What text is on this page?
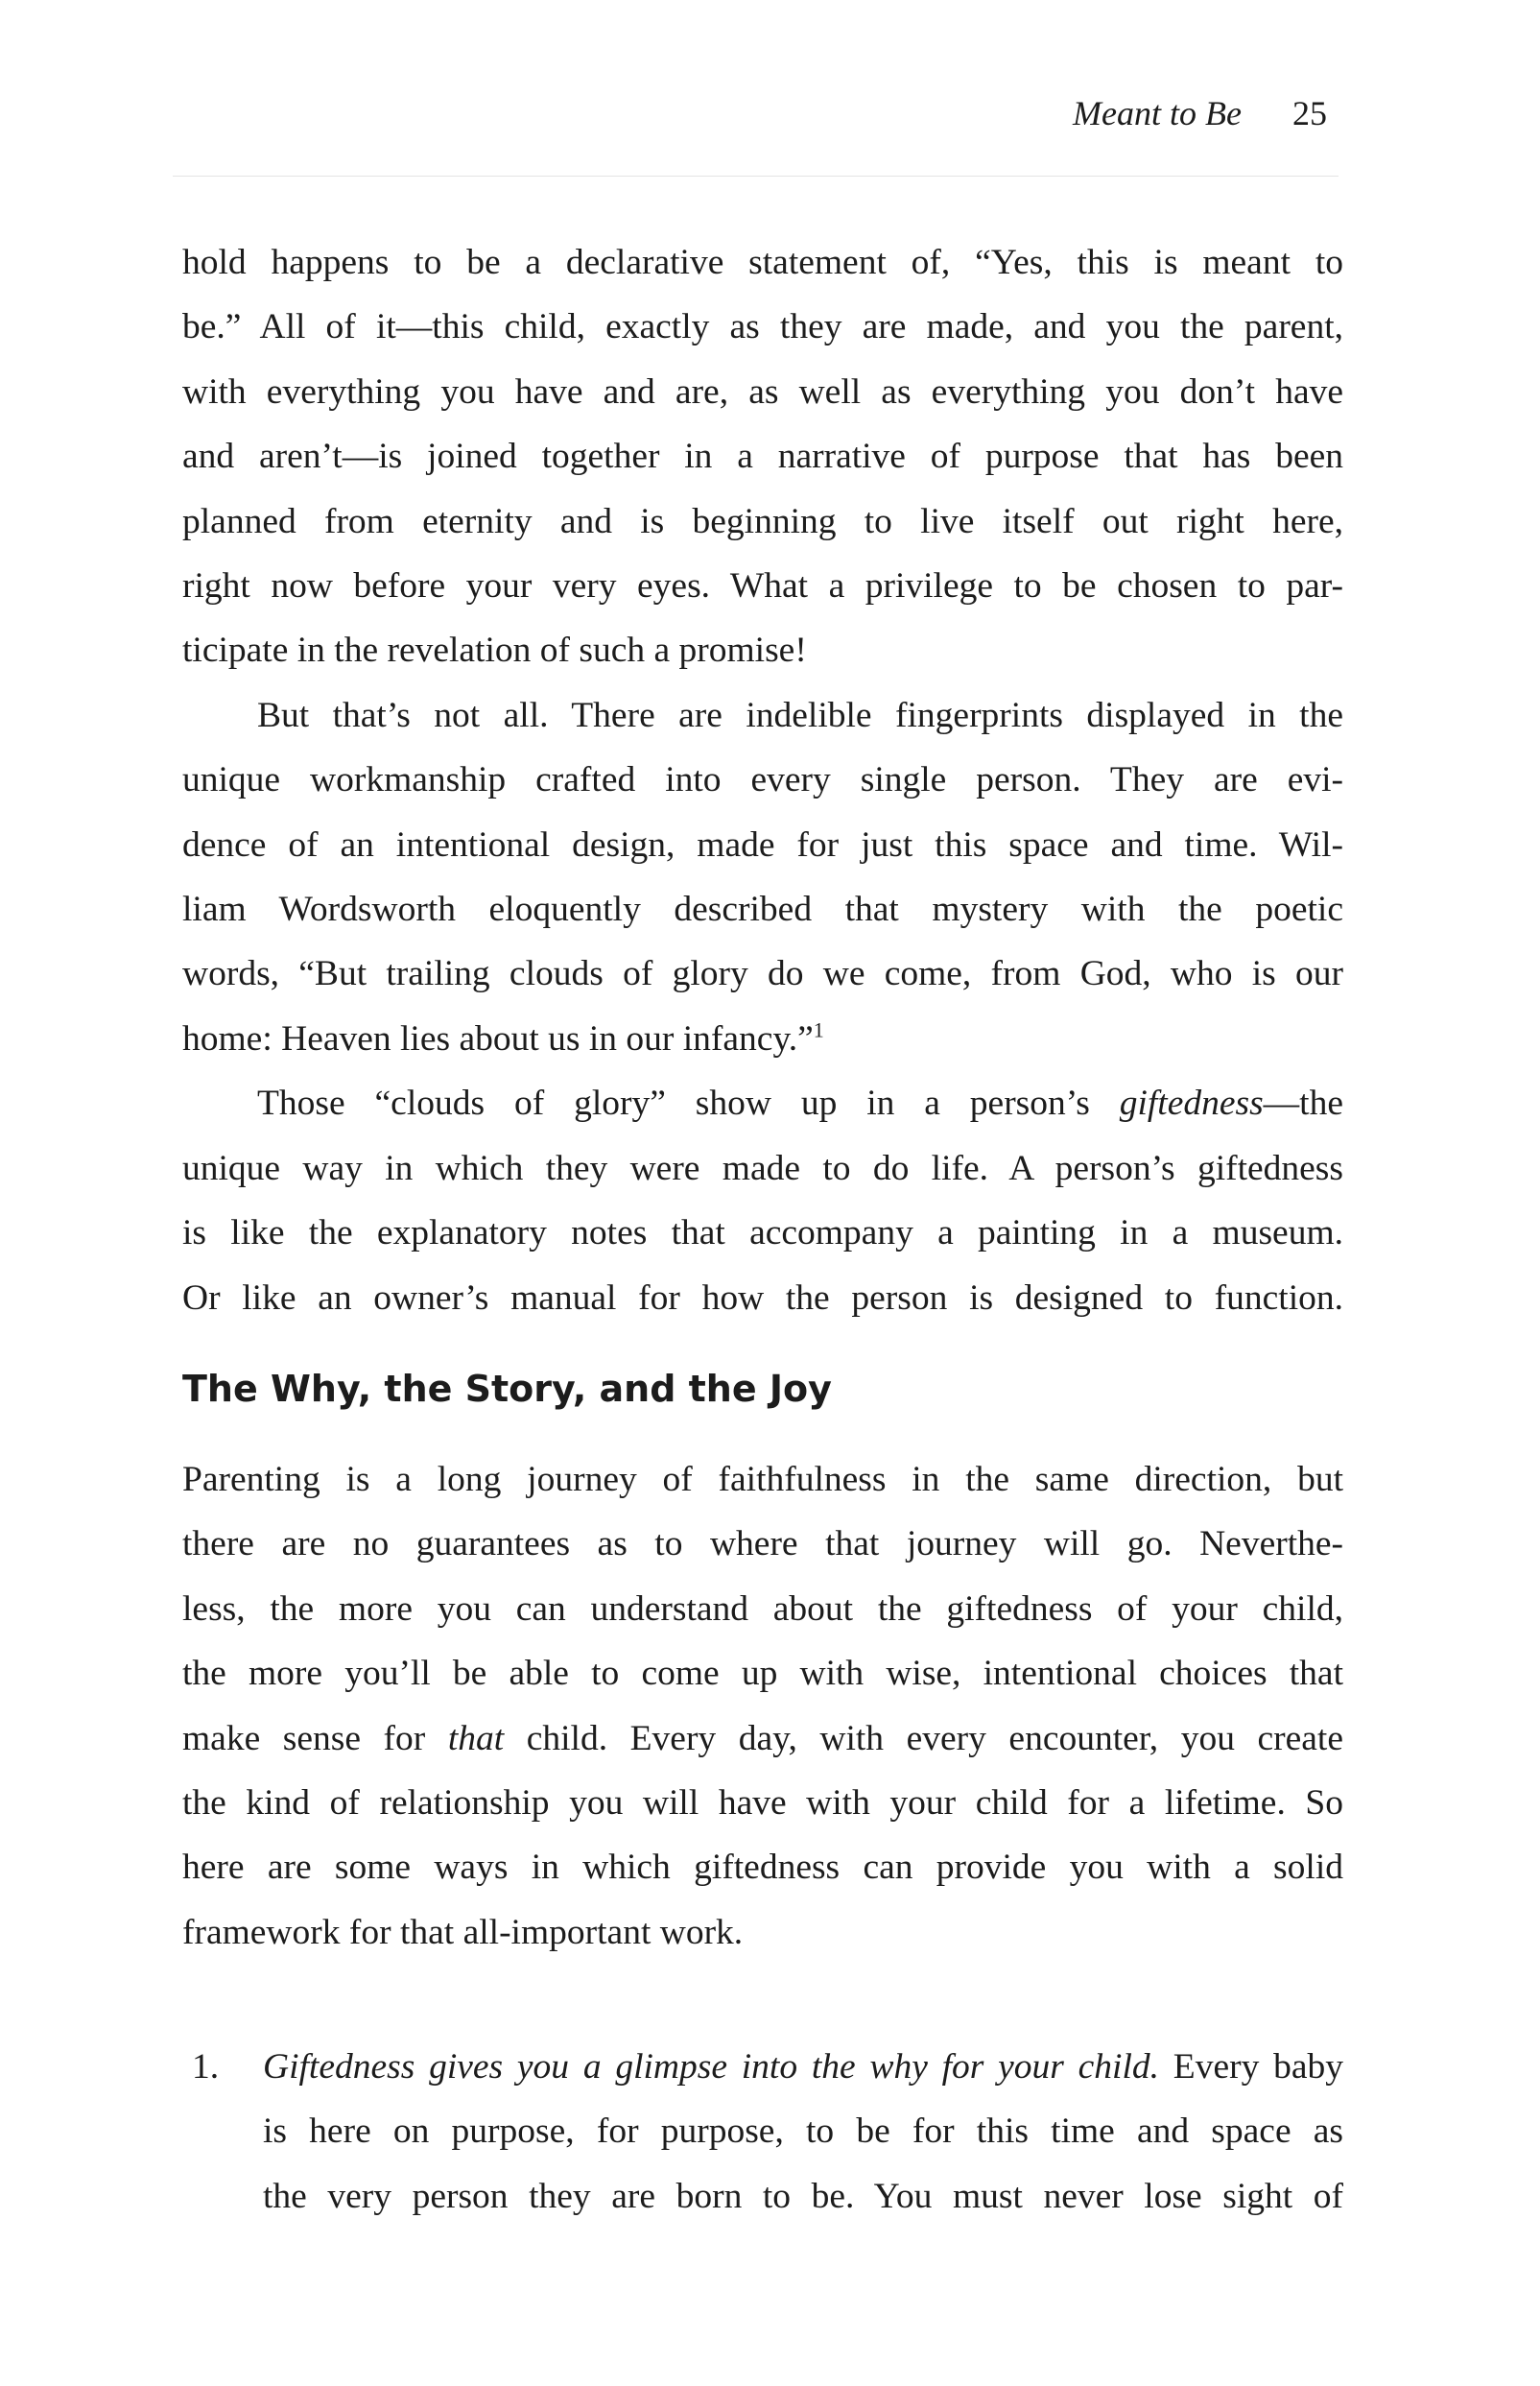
Meant to Be 25
hold happens to be a declarative statement of, “Yes, this is meant to
be.” All of it—this child, exactly as they are made, and you the parent,
with everything you have and are, as well as everything you don’t have
and aren’t—is joined together in a narrative of purpose that has been
planned from eternity and is beginning to live itself out right here,
right now before your very eyes. What a privilege to be chosen to par-
ticipate in the revelation of such a promise!
But that’s not all. There are indelible fingerprints displayed in the
unique workmanship crafted into every single person. They are evi-
dence of an intentional design, made for just this space and time. Wil-
liam Wordsworth eloquently described that mystery with the poetic
words, “But trailing clouds of glory do we come, from God, who is our
home: Heaven lies about us in our infancy.”$^1$
Those “clouds of glory” show up in a person’s giftedness—the
unique way in which they were made to do life. A person’s giftedness
is like the explanatory notes that accompany a painting in a museum.
Or like an owner’s manual for how the person is designed to function.
The Why, the Story, and the Joy
Parenting is a long journey of faithfulness in the same direction, but
there are no guarantees as to where that journey will go. Neverthe-
less, the more you can understand about the giftedness of your child,
the more you’ll be able to come up with wise, intentional choices that
make sense for that child. Every day, with every encounter, you create
the kind of relationship you will have with your child for a lifetime. So
here are some ways in which giftedness can provide you with a solid
framework for that all-important work.
1. Giftedness gives you a glimpse into the why for your child. Every baby
is here on purpose, for purpose, to be for this time and space as
the very person they are born to be. You must never lose sight of
